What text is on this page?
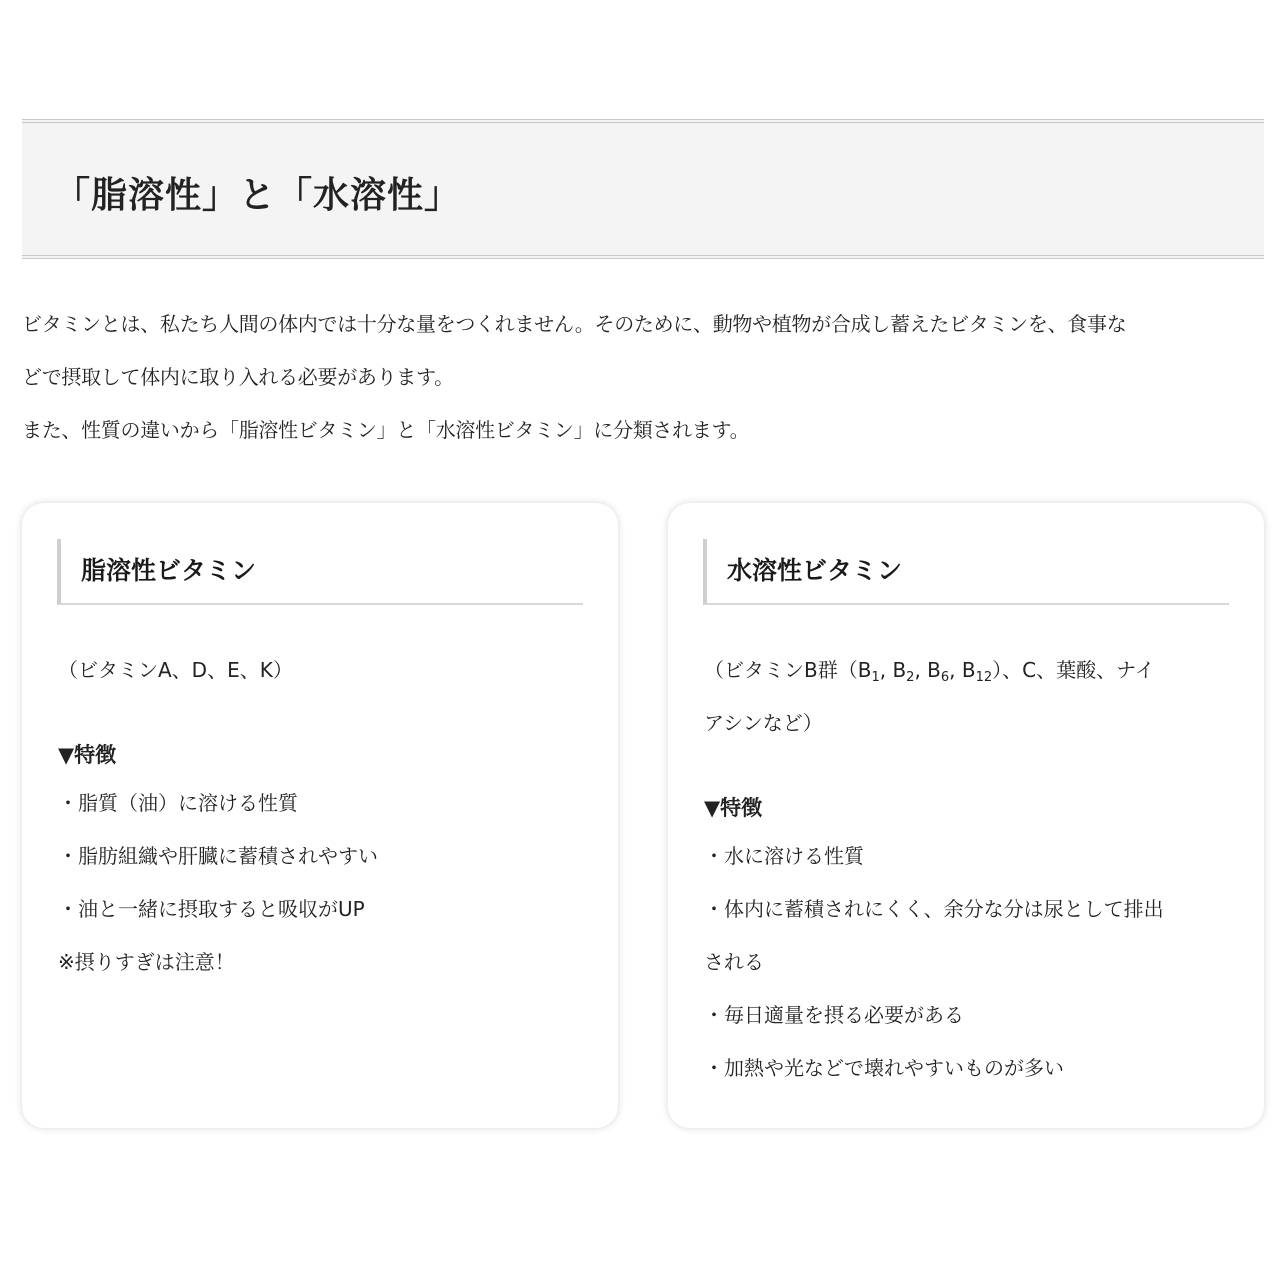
「脂溶性」と「水溶性」

ビタミンとは、私たち人間の体内では十分な量をつくれません。そのために、動物や植物が合成し蓄えたビタミンを、食事な

どで摂取して体内に取り入れる必要があります。

また、性質の違いから「脂溶性ビタミン」と「水溶性ビタミン」に分類されます。

脂溶性ビタミン

（ビタミンA、D、E、K）

▼特徴

・脂質（油）に溶ける性質

・脂肪組織や肝臓に蓄積されやすい

・油と一緒に摂取すると吸収がUP

※摂りすぎは注意！

水溶性ビタミン

（ビタミンB群（$B_1$, $B_2$, $B_6$, $B_{12}$）、C、葉酸、ナイ

アシンなど）

▼特徴

・水に溶ける性質

・体内に蓄積されにくく、余分な分は尿として排出

される

・毎日適量を摂る必要がある

・加熱や光などで壊れやすいものが多い
